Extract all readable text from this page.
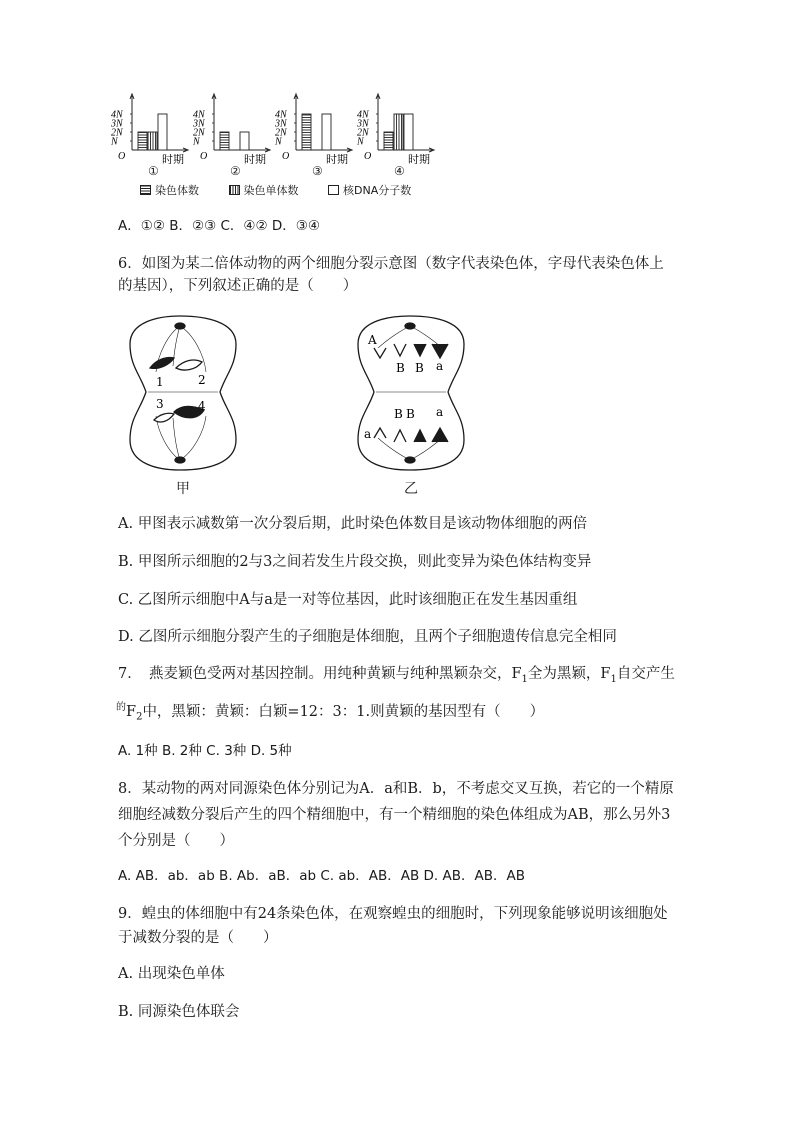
4N
3N
2N
N
O	时期
①
4N
3N
2N
N
O	时期
②
4N
3N
2N
N
O	时期
③
4N
3N
2N
N
O	时期
④
染色体数
	染色单体数
	核DNA分子数
A．①② B．②③ C．④② D．③④
6．如图为某二倍体动物的两个细胞分裂示意图（数字代表染色体，字母代表染色体上
的基因），下列叙述正确的是（　　）
1	2
3	4
A
B B a
a
B B a
甲	乙
A. 甲图表示减数第一次分裂后期，此时染色体数目是该动物体细胞的两倍
B. 甲图所示细胞的2与3之间若发生片段交换，则此变异为染色体结构变异
C. 乙图所示细胞中A与a是一对等位基因，此时该细胞正在发生基因重组
D. 乙图所示细胞分裂产生的子细胞是体细胞，且两个子细胞遗传信息完全相同
7．　燕麦颖色受两对基因控制。用纯种黄颖与纯种黑颖杂交，$F_1$全为黑颖，$F_1$自交产生
$^的F_2$中，黑颖：黄颖：白颖=12：3：1.则黄颖的基因型有（　　）
A. 1种 B. 2种 C. 3种 D. 5种
8．某动物的两对同源染色体分别记为A．a和B．b，不考虑交叉互换，若它的一个精原
细胞经减数分裂后产生的四个精细胞中，有一个精细胞的染色体组成为AB，那么另外3
个分别是（　　）
A. AB．ab．ab B. Ab．aB．ab C. ab．AB．AB D. AB．AB．AB
9．蝗虫的体细胞中有24条染色体，在观察蝗虫的细胞时，下列现象能够说明该细胞处
于减数分裂的是（　　）
A. 出现染色单体
B. 同源染色体联会
